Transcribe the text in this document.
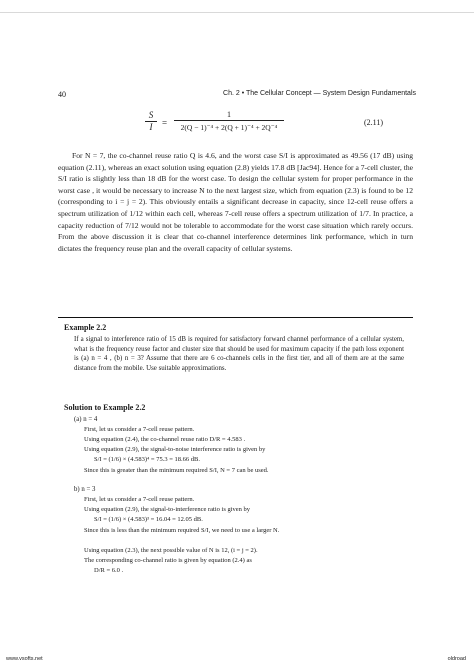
40	Ch. 2 • The Cellular Concept — System Design Fundamentals
$\frac{S}{I} = \frac{1}{\text{2(Q − 1)⁻⁴ + 2(Q + 1)⁻⁴ + 2Q⁻⁴}}$	(2.11)
For N = 7, the co-channel reuse ratio Q is 4.6, and the worst case S/I is approximated as 49.56 (17 dB) using equation (2.11), whereas an exact solution using equation (2.8) yields 17.8 dB [Jac94]. Hence for a 7-cell cluster, the S/I ratio is slightly less than 18 dB for the worst case. To design the cellular system for proper performance in the worst case , it would be necessary to increase N to the next largest size, which from equation (2.3) is found to be 12 (corresponding to i = j = 2). This obviously entails a significant decrease in capacity, since 12-cell reuse offers a spectrum utilization of 1/12 within each cell, whereas 7-cell reuse offers a spectrum utilization of 1/7. In practice, a capacity reduction of 7/12 would not be tolerable to accommodate for the worst case situation which rarely occurs. From the above discussion it is clear that co-channel interference determines link performance, which in turn dictates the frequency reuse plan and the overall capacity of cellular systems.
Example 2.2
If a signal to interference ratio of 15 dB is required for satisfactory forward channel performance of a cellular system, what is the frequency reuse factor and cluster size that should be used for maximum capacity if the path loss exponent is (a) n = 4 , (b) n = 3? Assume that there are 6 co-channels cells in the first tier, and all of them are at the same distance from the mobile. Use suitable approximations.
Solution to Example 2.2
(a) n = 4
First, let us consider a 7-cell reuse pattern.
Using equation (2.4), the co-channel reuse ratio D/R = 4.583 .
Using equation (2.9), the signal-to-noise interference ratio is given by
S/I = (1/6) × (4.583)⁴ = 75.3 = 18.66 dB.
Since this is greater than the minimum required S/I, N = 7 can be used.
b) n = 3
First, let us consider a 7-cell reuse pattern.
Using equation (2.9), the signal-to-interference ratio is given by
S/I = (1/6) × (4.583)³ = 16.04 = 12.05 dB.
Since this is less than the minimum required S/I, we need to use a larger N.
Using equation (2.3), the next possible value of N is 12, (i = j = 2).
The corresponding co-channel ratio is given by equation (2.4) as
D/R = 6.0 .
www.vsofts.net	oldroad
